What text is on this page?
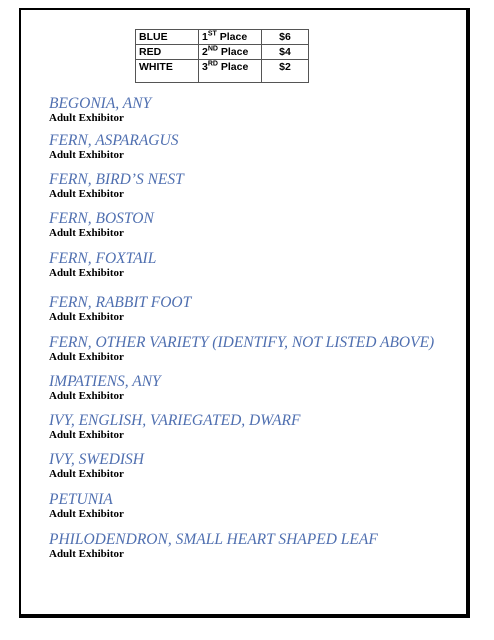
BLUE	1ST Place	$6
RED	2ND Place	$4
WHITE	3RD Place	$2
BEGONIA, ANY
Adult Exhibitor
FERN, ASPARAGUS
Adult Exhibitor
FERN, BIRD’S NEST
Adult Exhibitor
FERN, BOSTON
Adult Exhibitor
FERN, FOXTAIL
Adult Exhibitor
FERN, RABBIT FOOT
Adult Exhibitor
FERN, OTHER VARIETY (IDENTIFY, NOT LISTED ABOVE)
Adult Exhibitor
IMPATIENS, ANY
Adult Exhibitor
IVY, ENGLISH, VARIEGATED, DWARF
Adult Exhibitor
IVY, SWEDISH
Adult Exhibitor
PETUNIA
Adult Exhibitor
PHILODENDRON, SMALL HEART SHAPED LEAF
Adult Exhibitor
